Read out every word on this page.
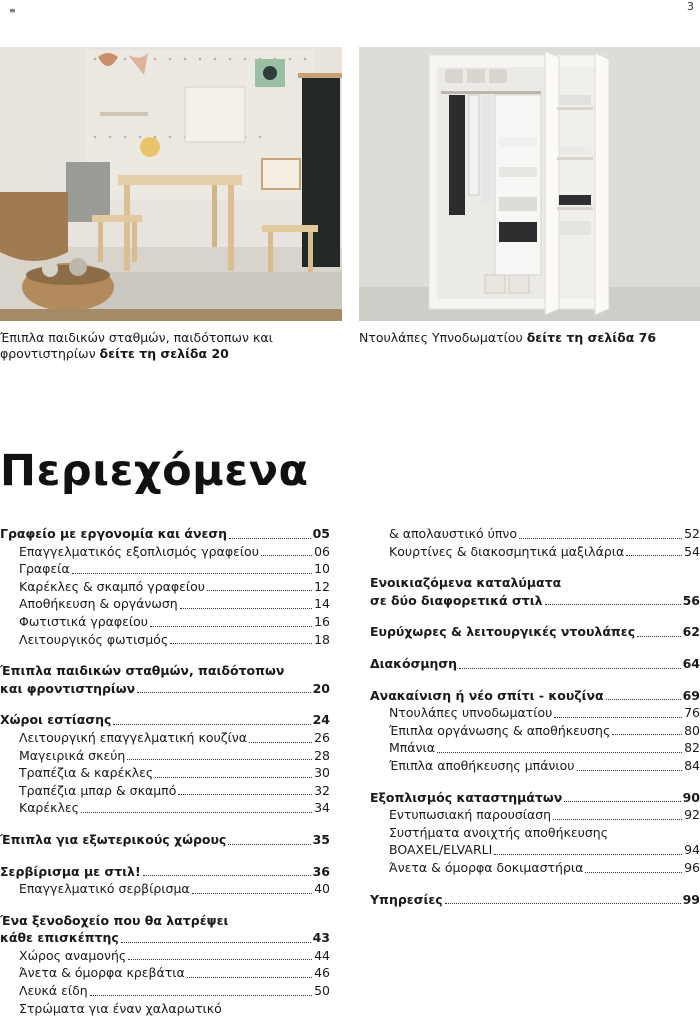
≡	3
Έπιπλα παιδικών σταθμών, παιδότοπων και φροντιστηρίων δείτε τη σελίδα 20
Ντουλάπες Υπνοδωματίου δείτε τη σελίδα 76
Περιεχόμενα
Γραφείο με εργονομία και άνεση	05
Επαγγελματικός εξοπλισμός γραφείου	06
Γραφεία	10
Καρέκλες & σκαμπό γραφείου	12
Αποθήκευση & οργάνωση	14
Φωτιστικά γραφείου	16
Λειτουργικός φωτισμός	18
Έπιπλα παιδικών σταθμών, παιδότοπων
και φροντιστηρίων	20
Χώροι εστίασης	24
Λειτουργική επαγγελματική κουζίνα	26
Μαγειρικά σκεύη	28
Τραπέζια & καρέκλες	30
Τραπέζια μπαρ & σκαμπό	32
Καρέκλες	34
Έπιπλα για εξωτερικούς χώρους	35
Σερβίρισμα με στιλ!	36
Επαγγελματικό σερβίρισμα	40
Ένα ξενοδοχείο που θα λατρέψει
κάθε επισκέπτης	43
Χώρος αναμονής	44
Άνετα & όμορφα κρεβάτια	46
Λευκά είδη	50
Στρώματα για έναν χαλαρωτικό
& απολαυστικό ύπνο	52
Κουρτίνες & διακοσμητικά μαξιλάρια	54
Ενοικιαζόμενα καταλύματα
σε δύο διαφορετικά στιλ	56
Ευρύχωρες & λειτουργικές ντουλάπες	62
Διακόσμηση	64
Ανακαίνιση ή νέο σπίτι - κουζίνα	69
Ντουλάπες υπνοδωματίου	76
Έπιπλα οργάνωσης & αποθήκευσης	80
Μπάνια	82
Έπιπλα αποθήκευσης μπάνιου	84
Εξοπλισμός καταστημάτων	90
Εντυπωσιακή παρουσίαση	92
Συστήματα ανοιχτής αποθήκευσης
BOAXEL/ELVARLI	94
Άνετα & όμορφα δοκιμαστήρια	96
Υπηρεσίες	99
